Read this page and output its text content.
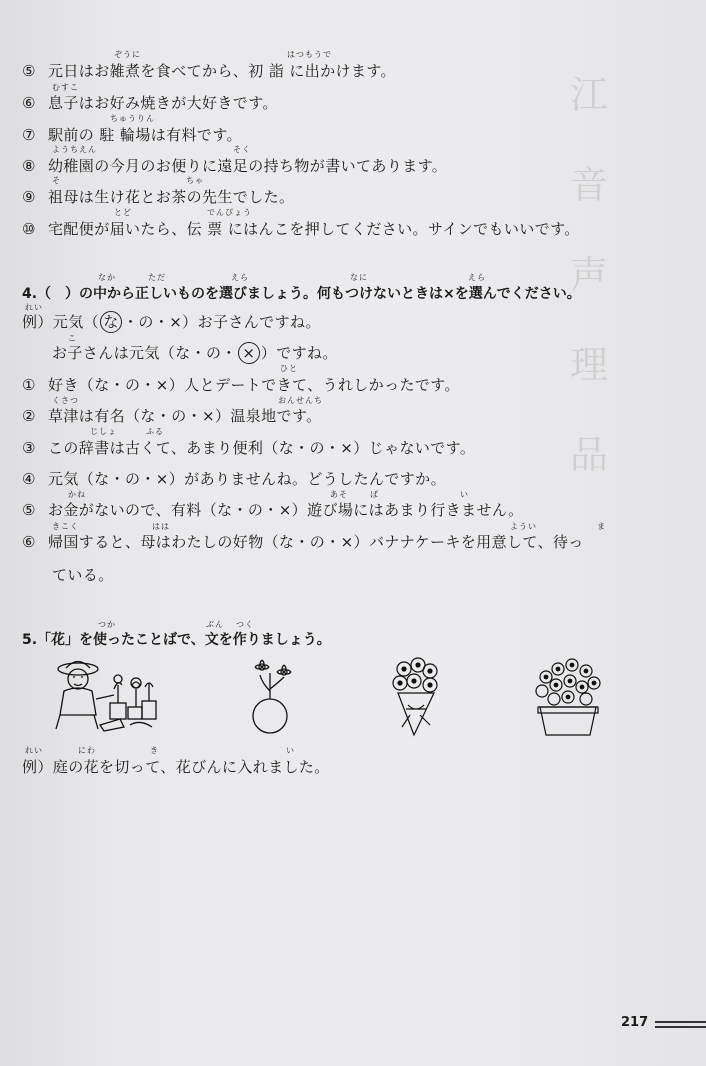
江
音
声
理
品
ぞうに	はつもうで
⑤ 元日はお雑煮を食べてから、初 詣 に出かけます。
むすこ
⑥ 息子はお好み焼きが大好きです。
ちゅうりん
⑦ 駅前の 駐 輪場は有料です。
ようちえん	そく
⑧ 幼稚園の今月のお便りに遠足の持ち物が書いてあります。
そ	ちゃ
⑨ 祖母は生け花とお茶の先生でした。
とど	でんぴょう
⑩ 宅配便が届いたら、伝 票 にはんこを押してください。サインでもいいです。
なか	ただ	えら	なに	えら
4.（　）の中から正しいものを選びましょう。何もつけないときは×を選んでください。
れい
例）元気（ な ・の・×）お子さんですね。
こ
お子さんは元気（な・の・ × ）ですね。
ひと
① 好き（な・の・×）人とデートできて、うれしかったです。
くさつ	おんせんち
② 草津は有名（な・の・×）温泉地です。
じしょ	ふる
③ この辞書は古くて、あまり便利（な・の・×）じゃないです。
④ 元気（な・の・×）がありませんね。どうしたんですか。
かね	あそ	ば	い
⑤ お金がないので、有料（な・の・×）遊び場にはあまり行きません。
きこく	はは	ようい	ま
⑥ 帰国すると、母はわたしの好物（な・の・×）バナナケーキを用意して、待っ
ている。
つか	ぶん つく
5.「花」を使ったことばで、文を作りましょう。
れい	にわ	き	い
例）庭の花を切って、花びんに入れました。
217
